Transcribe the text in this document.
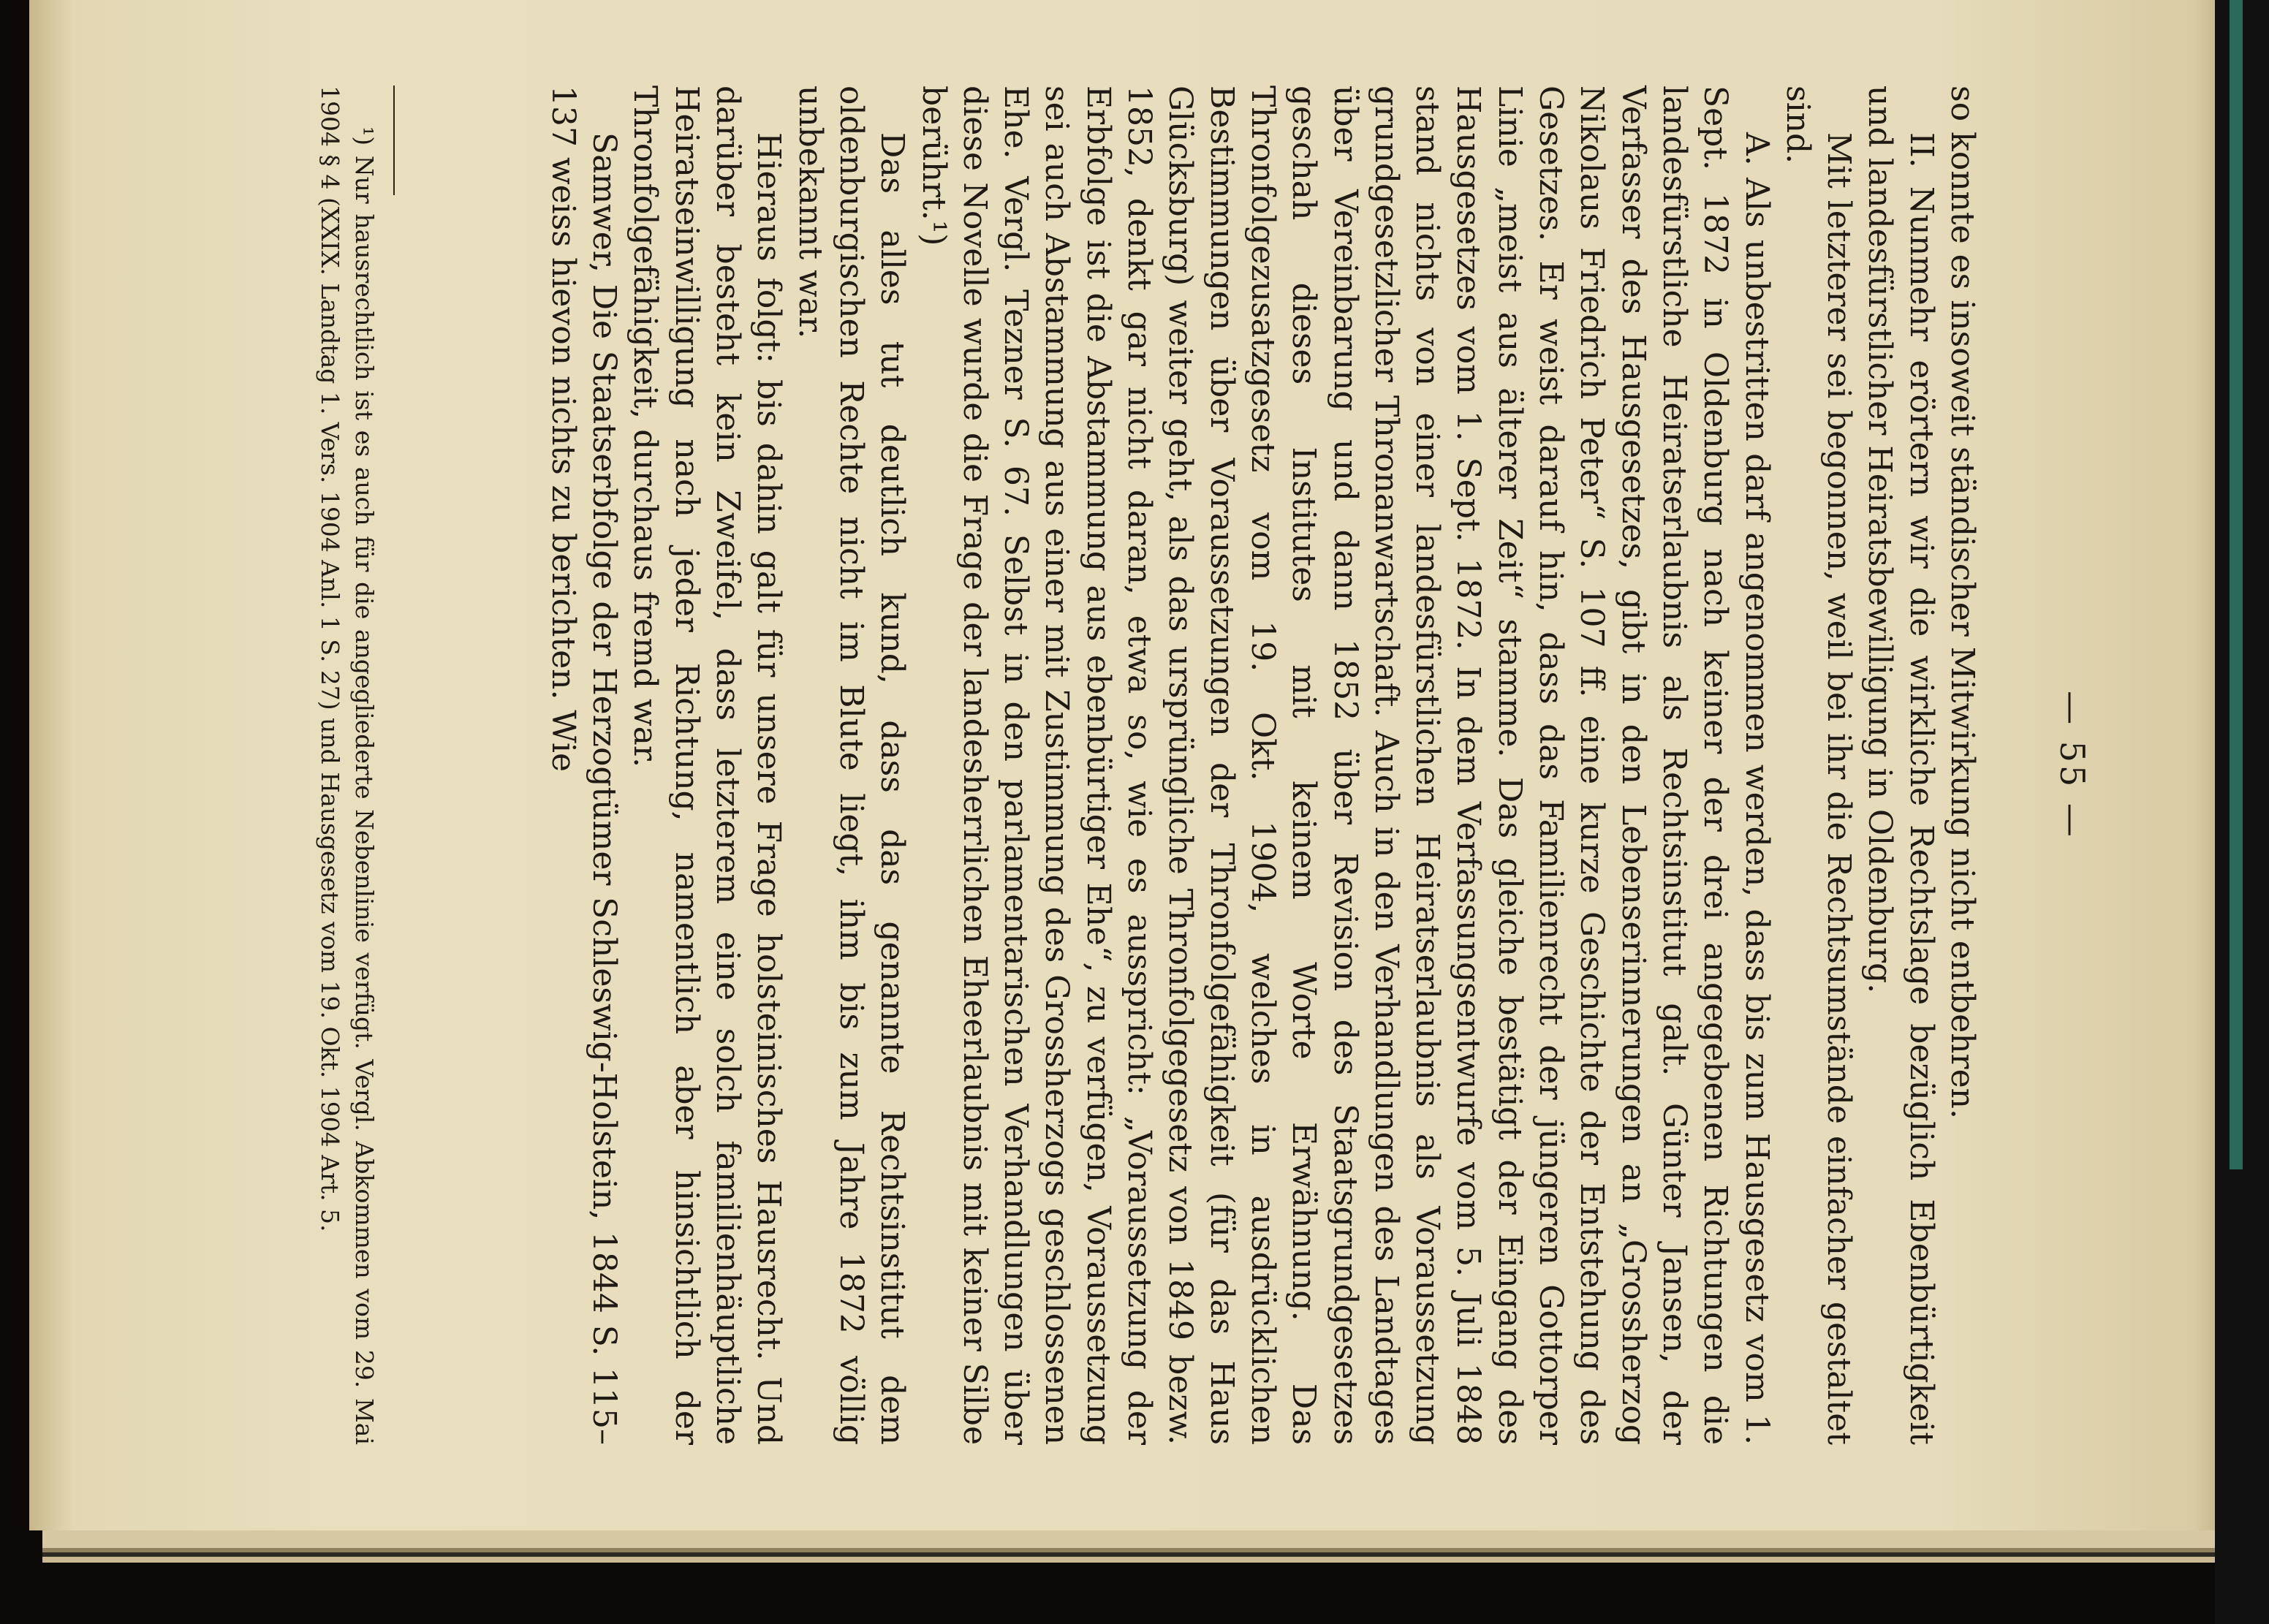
— 55 —

so konnte es insoweit ständischer Mitwirkung nicht entbehren.

II. Nunmehr erörtern wir die wirkliche Rechtslage bezüglich Ebenbürtigkeit und landesfürstlicher Heiratsbewilligung in Oldenburg.

Mit letzterer sei begonnen, weil bei ihr die Rechtsumstände einfacher gestaltet sind.

A. Als unbestritten darf angenommen werden, dass bis zum Hausgesetz vom 1. Sept. 1872 in Oldenburg nach keiner der drei angegebenen Richtungen die landesfürstliche Heiratserlaubnis als Rechtsinstitut galt. Günter Jansen, der Verfasser des Hausgesetzes, gibt in den Lebenserinnerungen an „Grossherzog Nikolaus Friedrich Peter“ S. 107 ff. eine kurze Geschichte der Entstehung des Gesetzes. Er weist darauf hin, dass das Familienrecht der jüngeren Gottorper Linie „meist aus älterer Zeit“ stamme. Das gleiche bestätigt der Eingang des Hausgesetzes vom 1. Sept. 1872. In dem Verfassungsentwurfe vom 5. Juli 1848 stand nichts von einer landesfürstlichen Heiratserlaubnis als Voraussetzung grundgesetzlicher Thronanwartschaft. Auch in den Verhandlungen des Landtages über Vereinbarung und dann 1852 über Revision des Staatsgrundgesetzes geschah dieses Institutes mit keinem Worte Erwähnung. Das Thronfolgezusatzgesetz vom 19. Okt. 1904, welches in ausdrücklichen Bestimmungen über Voraussetzungen der Thronfolgefähigkeit (für das Haus Glücksburg) weiter geht, als das ursprüngliche Thronfolgegesetz von 1849 bezw. 1852, denkt gar nicht daran, etwa so, wie es ausspricht: „Voraussetzung der Erbfolge ist die Abstammung aus ebenbürtiger Ehe“, zu verfügen, Voraussetzung sei auch Abstammung aus einer mit Zustimmung des Grossherzogs geschlossenen Ehe. Vergl. Tezner S. 67. Selbst in den parlamentarischen Verhandlungen über diese Novelle wurde die Frage der landesherrlichen Eheerlaubnis mit keiner Silbe berührt.¹)

Das alles tut deutlich kund, dass das genannte Rechtsinstitut dem oldenburgischen Rechte nicht im Blute liegt, ihm bis zum Jahre 1872 völlig unbekannt war.

Hieraus folgt: bis dahin galt für unsere Frage holsteinisches Hausrecht. Und darüber besteht kein Zweifel, dass letzterem eine solch familienhäuptliche Heiratseinwilligung nach jeder Richtung, namentlich aber hinsichtlich der Thronfolgefähigkeit, durchaus fremd war.

Samwer, Die Staatserbfolge der Herzogtümer Schleswig-Holstein, 1844 S. 115–137 weiss hievon nichts zu berichten. Wie

¹) Nur hausrechtlich ist es auch für die angegliederte Nebenlinie verfügt. Vergl. Abkommen vom 29. Mai 1904 § 4 (XXIX. Landtag 1. Vers. 1904 Anl. 1 S. 27) und Hausgesetz vom 19. Okt. 1904 Art. 5.
